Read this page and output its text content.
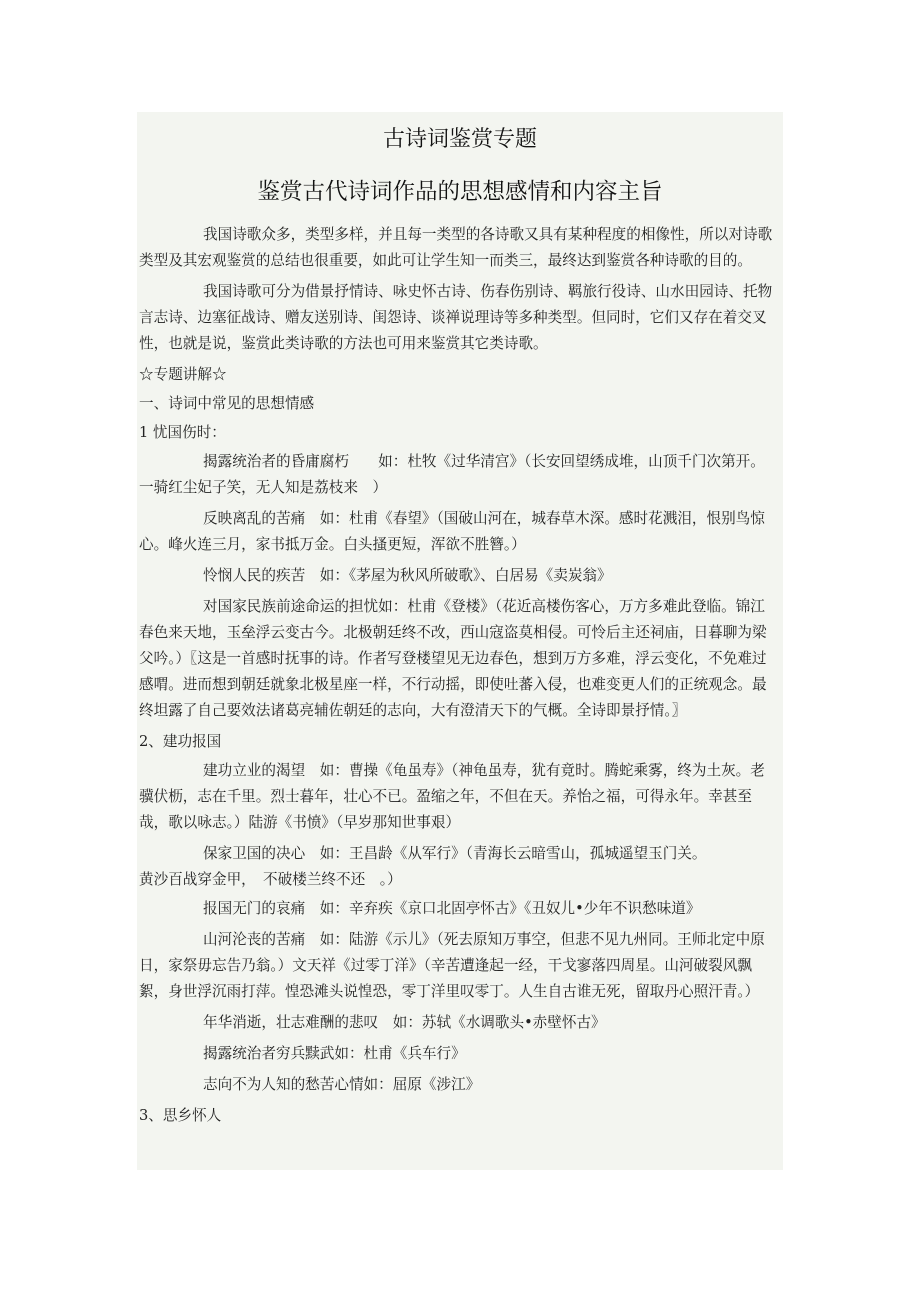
古诗词鉴赏专题
鉴赏古代诗词作品的思想感情和内容主旨

我国诗歌众多，类型多样，并且每一类型的各诗歌又具有某种程度的相像性，所以对诗歌类型及其宏观鉴赏的总结也很重要，如此可让学生知一而类三，最终达到鉴赏各种诗歌的目的。

我国诗歌可分为借景抒情诗、咏史怀古诗、伤春伤别诗、羁旅行役诗、山水田园诗、托物言志诗、边塞征战诗、赠友送别诗、闺怨诗、谈禅说理诗等多种类型。但同时，它们又存在着交叉性，也就是说，鉴赏此类诗歌的方法也可用来鉴赏其它类诗歌。

☆专题讲解☆

一、诗词中常见的思想情感

1 忧国伤时：

揭露统治者的昏庸腐朽　　如：杜牧《过华清宫》（长安回望绣成堆，山顶千门次第开。　一骑红尘妃子笑，无人知是荔枝来　）

反映离乱的苦痛　如：杜甫《春望》（国破山河在，城春草木深。感时花溅泪，恨别鸟惊心。峰火连三月，家书抵万金。白头搔更短，浑欲不胜簪。）

怜悯人民的疾苦　如：《茅屋为秋风所破歌》、白居易《卖炭翁》

对国家民族前途命运的担忧如：杜甫《登楼》（花近高楼伤客心，万方多难此登临。锦江春色来天地，玉垒浮云变古今。北极朝廷终不改，西山寇盗莫相侵。可怜后主还祠庙，日暮聊为梁父吟。）〖这是一首感时抚事的诗。作者写登楼望见无边春色，想到万方多难，浮云变化，不免难过感喟。进而想到朝廷就象北极星座一样，不行动摇，即使吐蕃入侵，也难变更人们的正统观念。最终坦露了自己要效法诸葛亮辅佐朝廷的志向，大有澄清天下的气概。全诗即景抒情。〗

2、建功报国

建功立业的渴望　如：曹操《龟虽寿》（神龟虽寿，犹有竟时。腾蛇乘雾，终为土灰。老骥伏枥，志在千里。烈士暮年，壮心不已。盈缩之年，不但在天。养怡之福，可得永年。幸甚至哉，歌以咏志。）陆游《书愤》（早岁那知世事艰）

保家卫国的决心　如：王昌龄《从军行》（青海长云暗雪山，孤城遥望玉门关。

黄沙百战穿金甲，　不破楼兰终不还　。）

报国无门的哀痛　如：辛弃疾《京口北固亭怀古》《丑奴儿•少年不识愁味道》

山河沦丧的苦痛　如：陆游《示儿》（死去原知万事空，但悲不见九州同。王师北定中原日，家祭毋忘告乃翁。）文天祥《过零丁洋》（辛苦遭逢起一经，干戈寥落四周星。山河破裂风飘絮，身世浮沉雨打萍。惶恐滩头说惶恐，零丁洋里叹零丁。人生自古谁无死，留取丹心照汗青。）

年华消逝，壮志难酬的悲叹　如：苏轼《水调歌头•赤壁怀古》

揭露统治者穷兵黩武如：杜甫《兵车行》

志向不为人知的愁苦心情如：屈原《涉江》

3、思乡怀人
